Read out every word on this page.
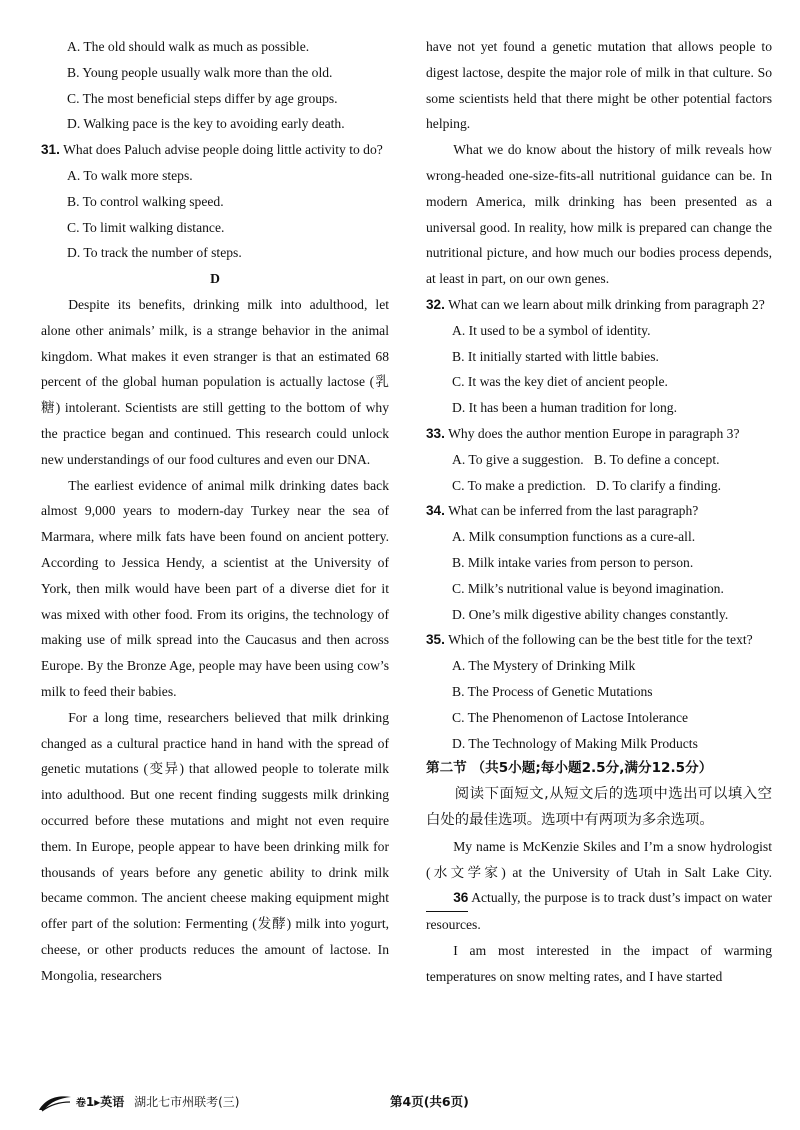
A. The old should walk as much as possible.

B. Young people usually walk more than the old.

C. The most beneficial steps differ by age groups.

D. Walking pace is the key to avoiding early death.

31. What does Paluch advise people doing little activity to do?

A. To walk more steps.

B. To control walking speed.

C. To limit walking distance.

D. To track the number of steps.

D

Despite its benefits, drinking milk into adulthood, let alone other animals’ milk, is a strange behavior in the animal kingdom. What makes it even stranger is that an estimated 68 percent of the global human population is actually lactose (乳糖) intolerant. Scientists are still getting to the bottom of why the practice began and continued. This research could unlock new understandings of our food cultures and even our DNA.

The earliest evidence of animal milk drinking dates back almost 9,000 years to modern-day Turkey near the sea of Marmara, where milk fats have been found on ancient pottery. According to Jessica Hendy, a scientist at the University of York, then milk would have been part of a diverse diet for it was mixed with other food. From its origins, the technology of making use of milk spread into the Caucasus and then across Europe. By the Bronze Age, people may have been using cow’s milk to feed their babies.

For a long time, researchers believed that milk drinking changed as a cultural practice hand in hand with the spread of genetic mutations (变异) that allowed people to tolerate milk into adulthood. But one recent finding suggests milk drinking occurred before these mutations and might not even require them. In Europe, people appear to have been drinking milk for thousands of years before any genetic ability to drink milk became common. The ancient cheese making equipment might offer part of the solution: Fermenting (发酵) milk into yogurt, cheese, or other products reduces the amount of lactose. In Mongolia, researchers

have not yet found a genetic mutation that allows people to digest lactose, despite the major role of milk in that culture. So some scientists held that there might be other potential factors helping.

What we do know about the history of milk reveals how wrong-headed one-size-fits-all nutritional guidance can be. In modern America, milk drinking has been presented as a universal good. In reality, how milk is prepared can change the nutritional picture, and how much our bodies process depends, at least in part, on our own genes.

32. What can we learn about milk drinking from paragraph 2?

A. It used to be a symbol of identity.

B. It initially started with little babies.

C. It was the key diet of ancient people.

D. It has been a human tradition for long.

33. Why does the author mention Europe in paragraph 3?

A. To give a suggestion.   B. To define a concept.

C. To make a prediction.   D. To clarify a finding.

34. What can be inferred from the last paragraph?

A. Milk consumption functions as a cure-all.

B. Milk intake varies from person to person.

C. Milk’s nutritional value is beyond imagination.

D. One’s milk digestive ability changes constantly.

35. Which of the following can be the best title for the text?

A. The Mystery of Drinking Milk

B. The Process of Genetic Mutations

C. The Phenomenon of Lactose Intolerance

D. The Technology of Making Milk Products

第二节 （共5小题;每小题2.5分,满分12.5分）

阅读下面短文,从短文后的选项中选出可以填入空白处的最佳选项。选项中有两项为多余选项。

My name is McKenzie Skiles and I’m a snow hydrologist (水文学家) at the University of Utah in Salt Lake City. 36 Actually, the purpose is to track dust’s impact on water resources.

I am most interested in the impact of warming temperatures on snow melting rates, and I have started

卷1▸英语 湖北七市州联考(三)	第4页(共6页)
